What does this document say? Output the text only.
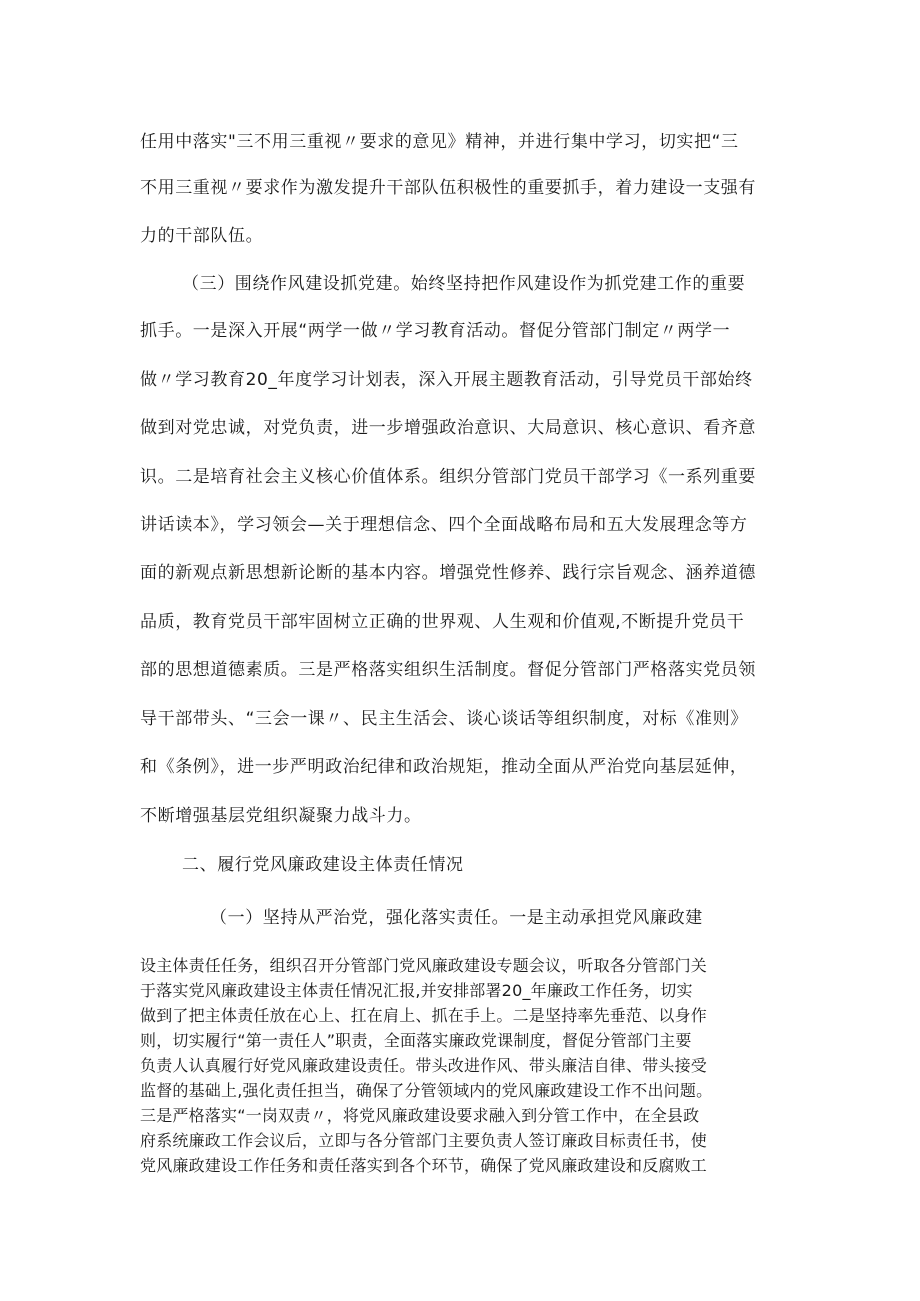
任用中落实"三不用三重视〃要求的意见》精神，并进行集中学习，切实把“三
不用三重视〃要求作为激发提升干部队伍积极性的重要抓手，着力建设一支强有
力的干部队伍。
（三）围绕作风建设抓党建。始终坚持把作风建设作为抓党建工作的重要
抓手。一是深入开展“两学一做〃学习教育活动。督促分管部门制定〃两学一
做〃学习教育20_年度学习计划表，深入开展主题教育活动，引导党员干部始终
做到对党忠诚，对党负责，进一步增强政治意识、大局意识、核心意识、看齐意
识。二是培育社会主义核心价值体系。组织分管部门党员干部学习《一系列重要
讲话读本》，学习领会—关于理想信念、四个全面战略布局和五大发展理念等方
面的新观点新思想新论断的基本内容。增强党性修养、践行宗旨观念、涵养道德
品质，教育党员干部牢固树立正确的世界观、人生观和价值观,不断提升党员干
部的思想道德素质。三是严格落实组织生活制度。督促分管部门严格落实党员领
导干部带头、“三会一课〃、民主生活会、谈心谈话等组织制度，对标《准则》
和《条例》，进一步严明政治纪律和政治规矩，推动全面从严治党向基层延伸，
不断增强基层党组织凝聚力战斗力。
二、履行党风廉政建设主体责任情况
（一）坚持从严治党，强化落实责任。一是主动承担党风廉政建
设主体责任任务，组织召开分管部门党风廉政建设专题会议，听取各分管部门关
于落实党风廉政建设主体责任情况汇报,并安排部署20_年廉政工作任务，切实
做到了把主体责任放在心上、扛在肩上、抓在手上。二是坚持率先垂范、以身作
则，切实履行“第一责任人”职责，全面落实廉政党课制度，督促分管部门主要
负责人认真履行好党风廉政建设责任。带头改进作风、带头廉洁自律、带头接受
监督的基础上,强化责任担当，确保了分管领域内的党风廉政建设工作不出问题。
三是严格落实“一岗双责〃，将党风廉政建设要求融入到分管工作中，在全县政
府系统廉政工作会议后，立即与各分管部门主要负责人签订廉政目标责任书，使
党风廉政建设工作任务和责任落实到各个环节，确保了党风廉政建设和反腐败工
